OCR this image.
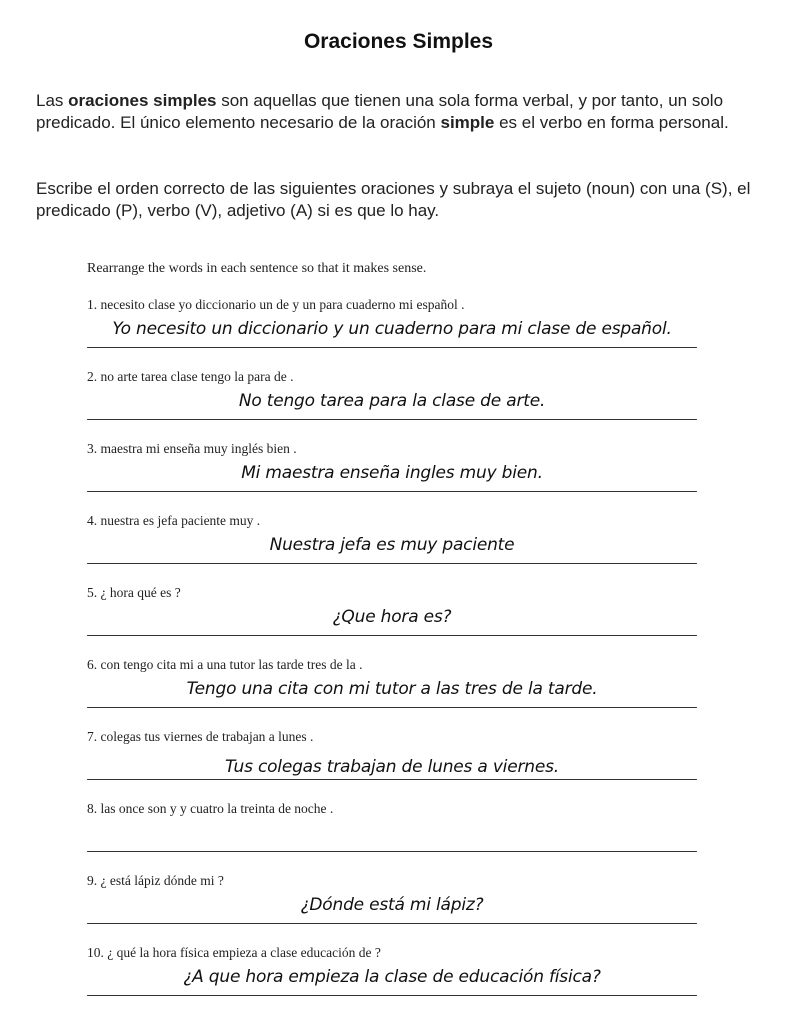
Oraciones Simples
Las oraciones simples son aquellas que tienen una sola forma verbal, y por tanto, un solo predicado. El único elemento necesario de la oración simple es el verbo en forma personal.
Escribe el orden correcto de las siguientes oraciones y subraya el sujeto (noun) con una (S), el predicado (P), verbo (V), adjetivo (A) si es que lo hay.
Rearrange the words in each sentence so that it makes sense.
1. necesito clase yo diccionario un de y un para cuaderno mi español .
Yo necesito un diccionario y un cuaderno para mi clase de español.
2. no arte tarea clase tengo la para de .
No tengo tarea para la clase de arte.
3. maestra mi enseña muy inglés bien .
Mi maestra enseña ingles muy bien.
4. nuestra es jefa paciente muy .
Nuestra jefa es muy paciente
5. ¿ hora qué es ?
¿Que hora es?
6. con tengo cita mi a una tutor las tarde tres de la .
Tengo una cita con mi tutor a las tres de la tarde.
7. colegas tus viernes de trabajan a lunes .
Tus colegas trabajan de lunes a viernes.
8. las once son y y cuatro la treinta de noche .
9. ¿ está lápiz dónde mi ?
¿Dónde está mi lápiz?
10. ¿ qué la hora física empieza a clase educación de ?
¿A que hora empieza la clase de educación física?
